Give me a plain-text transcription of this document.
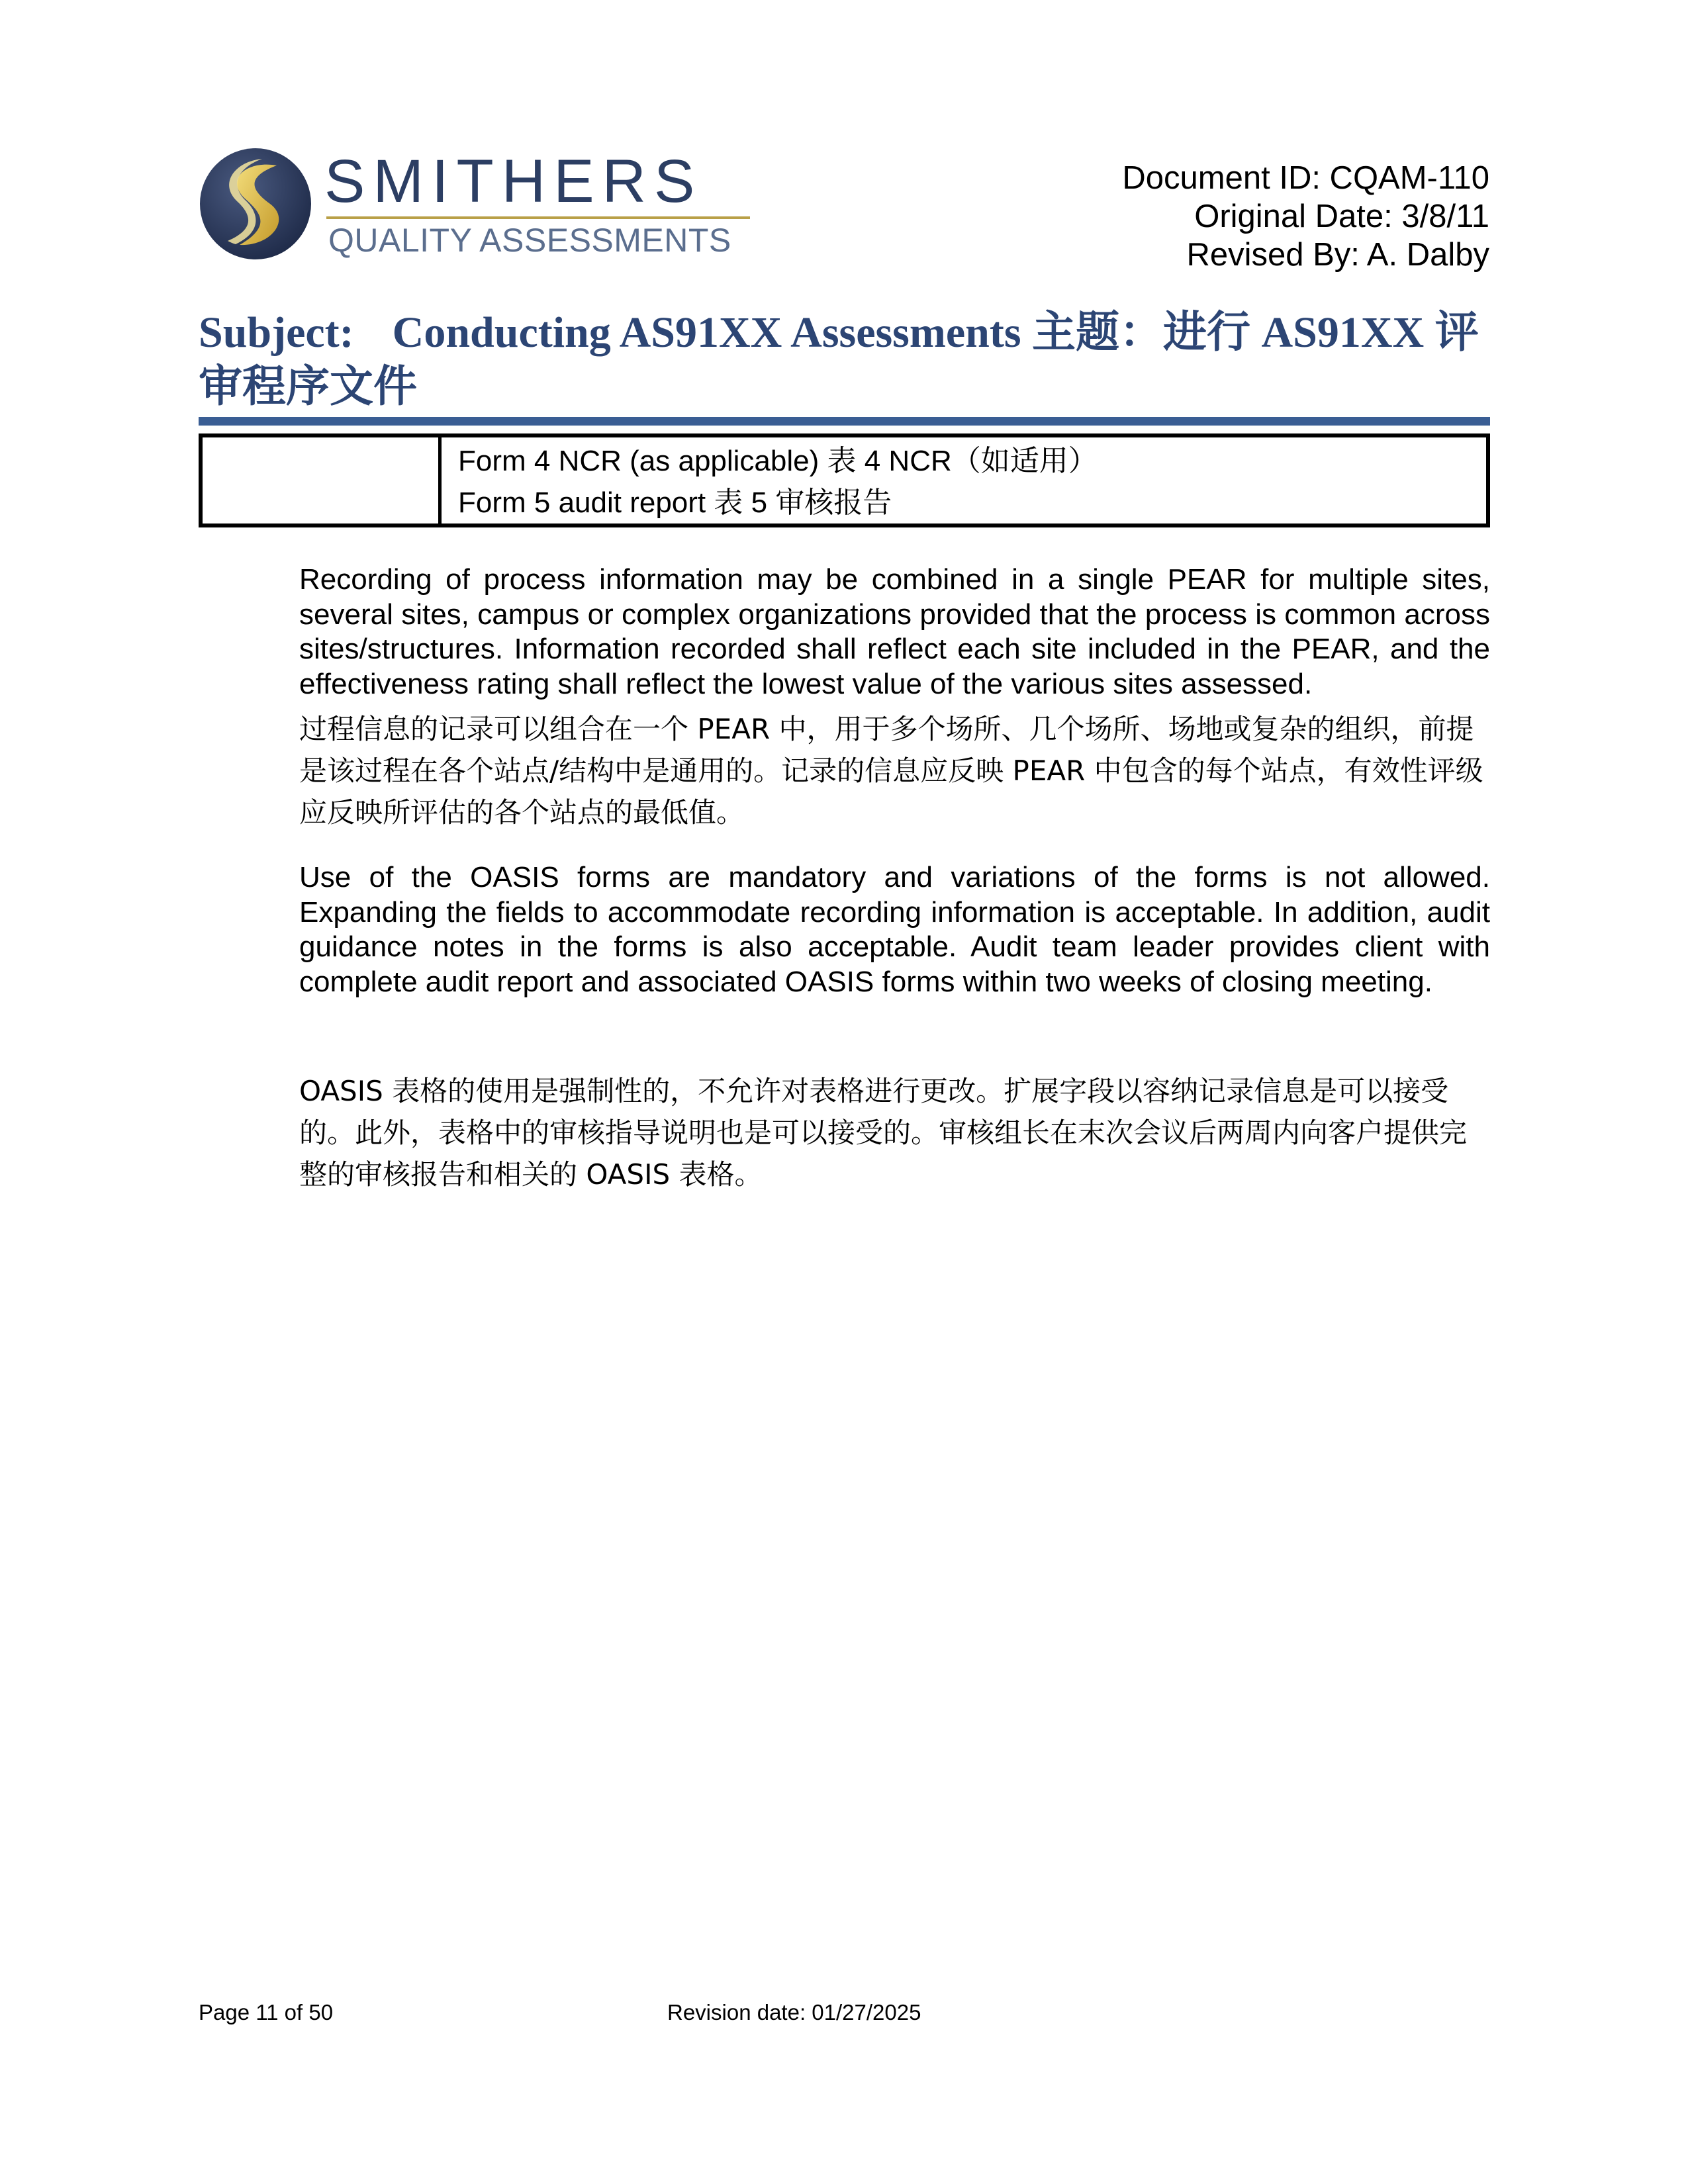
SMITHERS
QUALITY ASSESSMENTS
Document ID: CQAM-110
Original Date: 3/8/11
Revised By: A. Dalby
Subject: Conducting AS91XX Assessments 主题：进行 AS91XX 评审程序文件
Form 4 NCR (as applicable) 表 4 NCR（如适用）
Form 5 audit report 表 5 审核报告
Recording of process information may be combined in a single PEAR for multiple sites, several sites, campus or complex organizations provided that the process is common across sites/structures. Information recorded shall reflect each site included in the PEAR, and the effectiveness rating shall reflect the lowest value of the various sites assessed.
过程信息的记录可以组合在一个 PEAR 中，用于多个场所、几个场所、场地或复杂的组织，前提是该过程在各个站点/结构中是通用的。记录的信息应反映 PEAR 中包含的每个站点，有效性评级应反映所评估的各个站点的最低值。
Use of the OASIS forms are mandatory and variations of the forms is not allowed. Expanding the fields to accommodate recording information is acceptable. In addition, audit guidance notes in the forms is also acceptable. Audit team leader provides client with complete audit report and associated OASIS forms within two weeks of closing meeting.
OASIS 表格的使用是强制性的，不允许对表格进行更改。扩展字段以容纳记录信息是可以接受的。此外，表格中的审核指导说明也是可以接受的。审核组长在末次会议后两周内向客户提供完整的审核报告和相关的 OASIS 表格。
Page 11 of 50	Revision date: 01/27/2025
